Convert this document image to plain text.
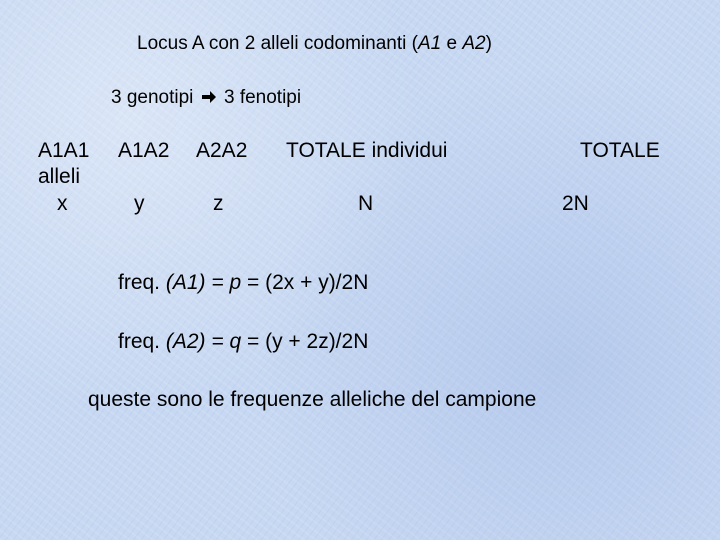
Locus A con 2 alleli codominanti (A1 e A2)
3 genotipi 3 fenotipi
A1A1 A1A2 A2A2 TOTALE individui	TOTALE
alleli
x	y	z	N	2N
freq. (A1) = p = (2x + y)/2N
freq. (A2) = q = (y + 2z)/2N
queste sono le frequenze alleliche del campione
